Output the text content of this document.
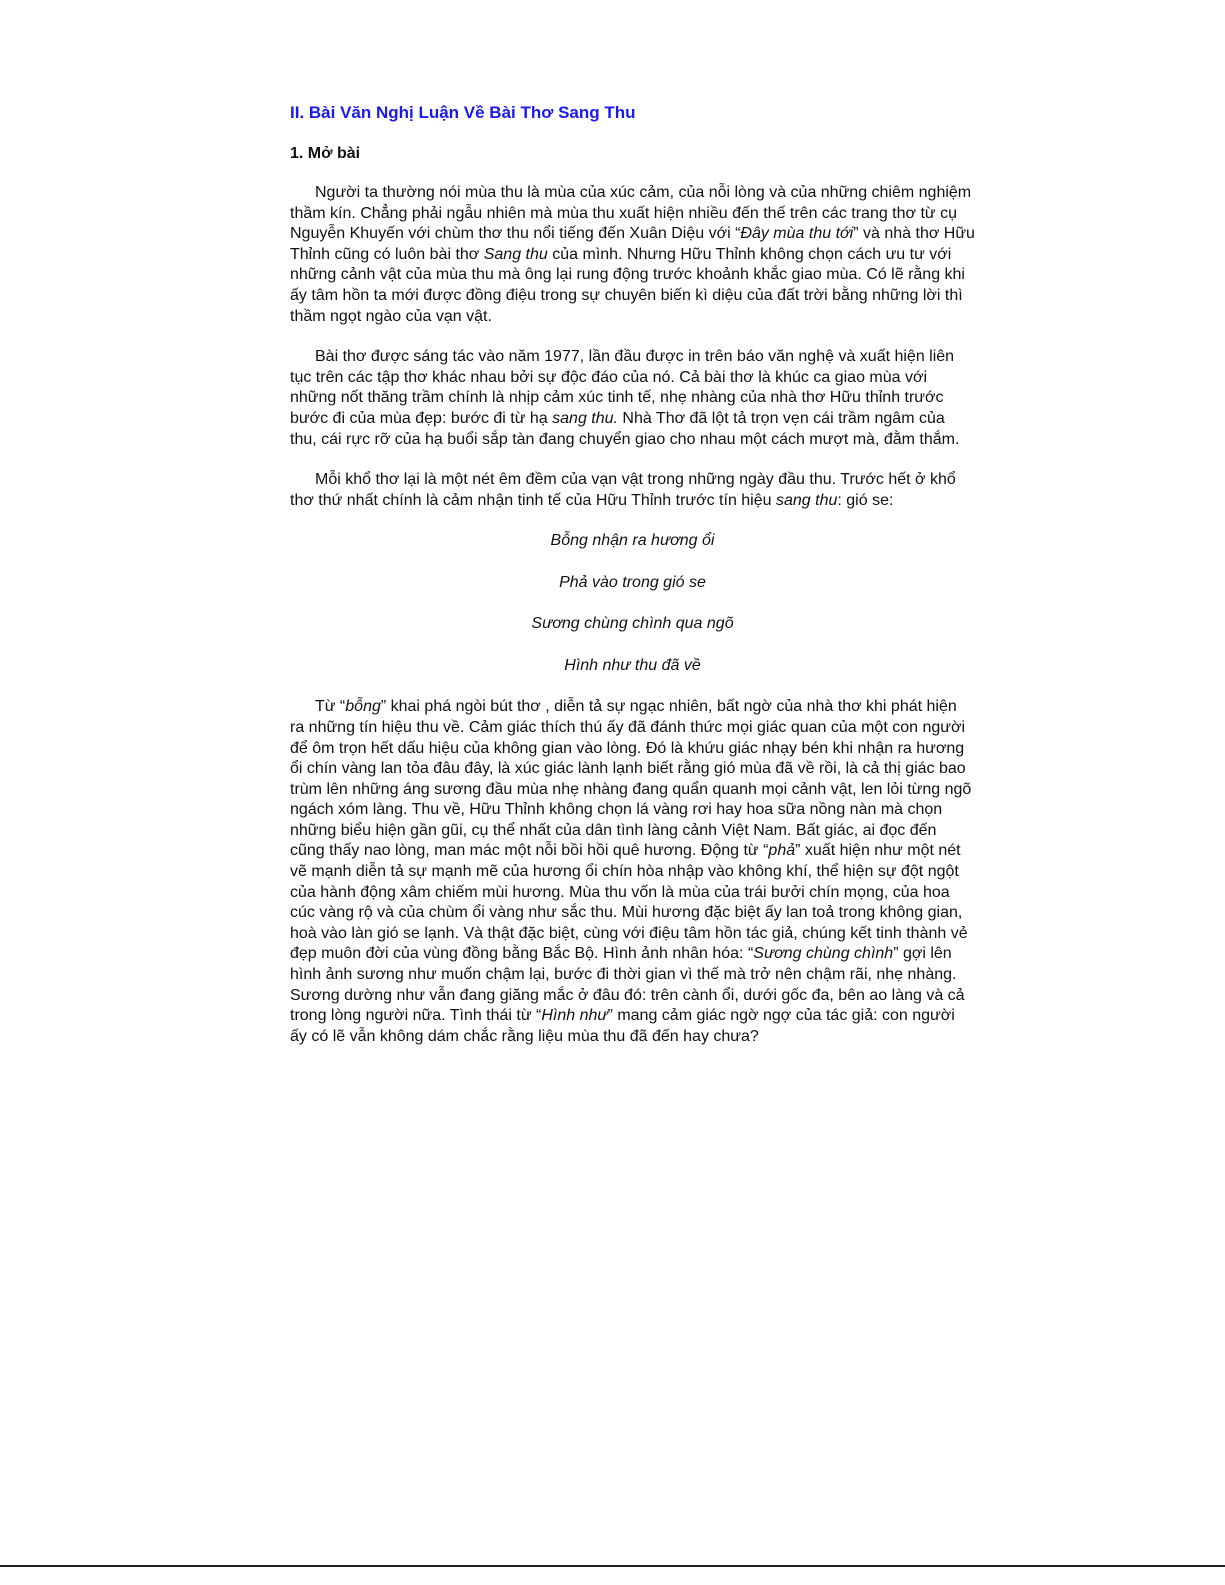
II. Bài Văn Nghị Luận Về Bài Thơ Sang Thu
1. Mở bài

Người ta thường nói mùa thu là mùa của xúc cảm, của nỗi lòng và của những chiêm nghiệm thầm kín. Chẳng phải ngẫu nhiên mà mùa thu xuất hiện nhiều đến thế trên các trang thơ từ cụ Nguyễn Khuyến với chùm thơ thu nổi tiếng đến Xuân Diệu với “Đây mùa thu tới” và nhà thơ Hữu Thỉnh cũng có luôn bài thơ Sang thu của mình. Nhưng Hữu Thỉnh không chọn cách ưu tư với những cảnh vật của mùa thu mà ông lại rung động trước khoảnh khắc giao mùa. Có lẽ rằng khi ấy tâm hồn ta mới được đồng điệu trong sự chuyên biến kì diệu của đất trời bằng những lời thì thầm ngọt ngào của vạn vật.

Bài thơ được sáng tác vào năm 1977, lần đầu được in trên báo văn nghệ và xuất hiện liên tục trên các tập thơ khác nhau bởi sự độc đáo của nó. Cả bài thơ là khúc ca giao mùa với những nốt thăng trầm chính là nhịp cảm xúc tinh tế, nhẹ nhàng của nhà thơ Hữu thỉnh trước bước đi của mùa đẹp: bước đi từ hạ sang thu. Nhà Thơ đã lột tả trọn vẹn cái trầm ngâm của thu, cái rực rỡ của hạ buổi sắp tàn đang chuyển giao cho nhau một cách mượt mà, đằm thắm.

Mỗi khổ thơ lại là một nét êm đềm của vạn vật trong những ngày đầu thu. Trước hết ở khổ thơ thứ nhất chính là cảm nhận tinh tế của Hữu Thỉnh trước tín hiệu sang thu: gió se:

Bỗng nhận ra hương ổi
Phả vào trong gió se
Sương chùng chình qua ngõ
Hình như thu đã về

Từ “bỗng” khai phá ngòi bút thơ , diễn tả sự ngạc nhiên, bất ngờ của nhà thơ khi phát hiện ra những tín hiệu thu về. Cảm giác thích thú ấy đã đánh thức mọi giác quan của một con người để ôm trọn hết dấu hiệu của không gian vào lòng. Đó là khứu giác nhạy bén khi nhận ra hương ổi chín vàng lan tỏa đâu đây, là xúc giác lành lạnh biết rằng gió mùa đã về rồi, là cả thị giác bao trùm lên những áng sương đầu mùa nhẹ nhàng đang quẩn quanh mọi cảnh vật, len lỏi từng ngõ ngách xóm làng. Thu về, Hữu Thỉnh không chọn lá vàng rơi hay hoa sữa nồng nàn mà chọn những biểu hiện gần gũi, cụ thể nhất của dân tình làng cảnh Việt Nam. Bất giác, ai đọc đến cũng thấy nao lòng, man mác một nỗi bồi hồi quê hương. Động từ “phả” xuất hiện như một nét vẽ mạnh diễn tả sự mạnh mẽ của hương ổi chín hòa nhập vào không khí, thể hiện sự đột ngột của hành động xâm chiếm mùi hương. Mùa thu vốn là mùa của trái bưởi chín mọng, của hoa cúc vàng rộ và của chùm ổi vàng như sắc thu. Mùi hương đặc biệt ấy lan toả trong không gian, hoà vào làn gió se lạnh. Và thật đặc biệt, cùng với điệu tâm hồn tác giả, chúng kết tinh thành vẻ đẹp muôn đời của vùng đồng bằng Bắc Bộ. Hình ảnh nhân hóa: “Sương chùng chình” gợi lên hình ảnh sương như muốn chậm lại, bước đi thời gian vì thế mà trở nên chậm rãi, nhẹ nhàng. Sương dường như vẫn đang giăng mắc ở đâu đó: trên cành ổi, dưới gốc đa, bên ao làng và cả trong lòng người nữa. Tình thái từ “Hình như” mang cảm giác ngờ ngợ của tác giả: con người ấy có lẽ vẫn không dám chắc rằng liệu mùa thu đã đến hay chưa?
